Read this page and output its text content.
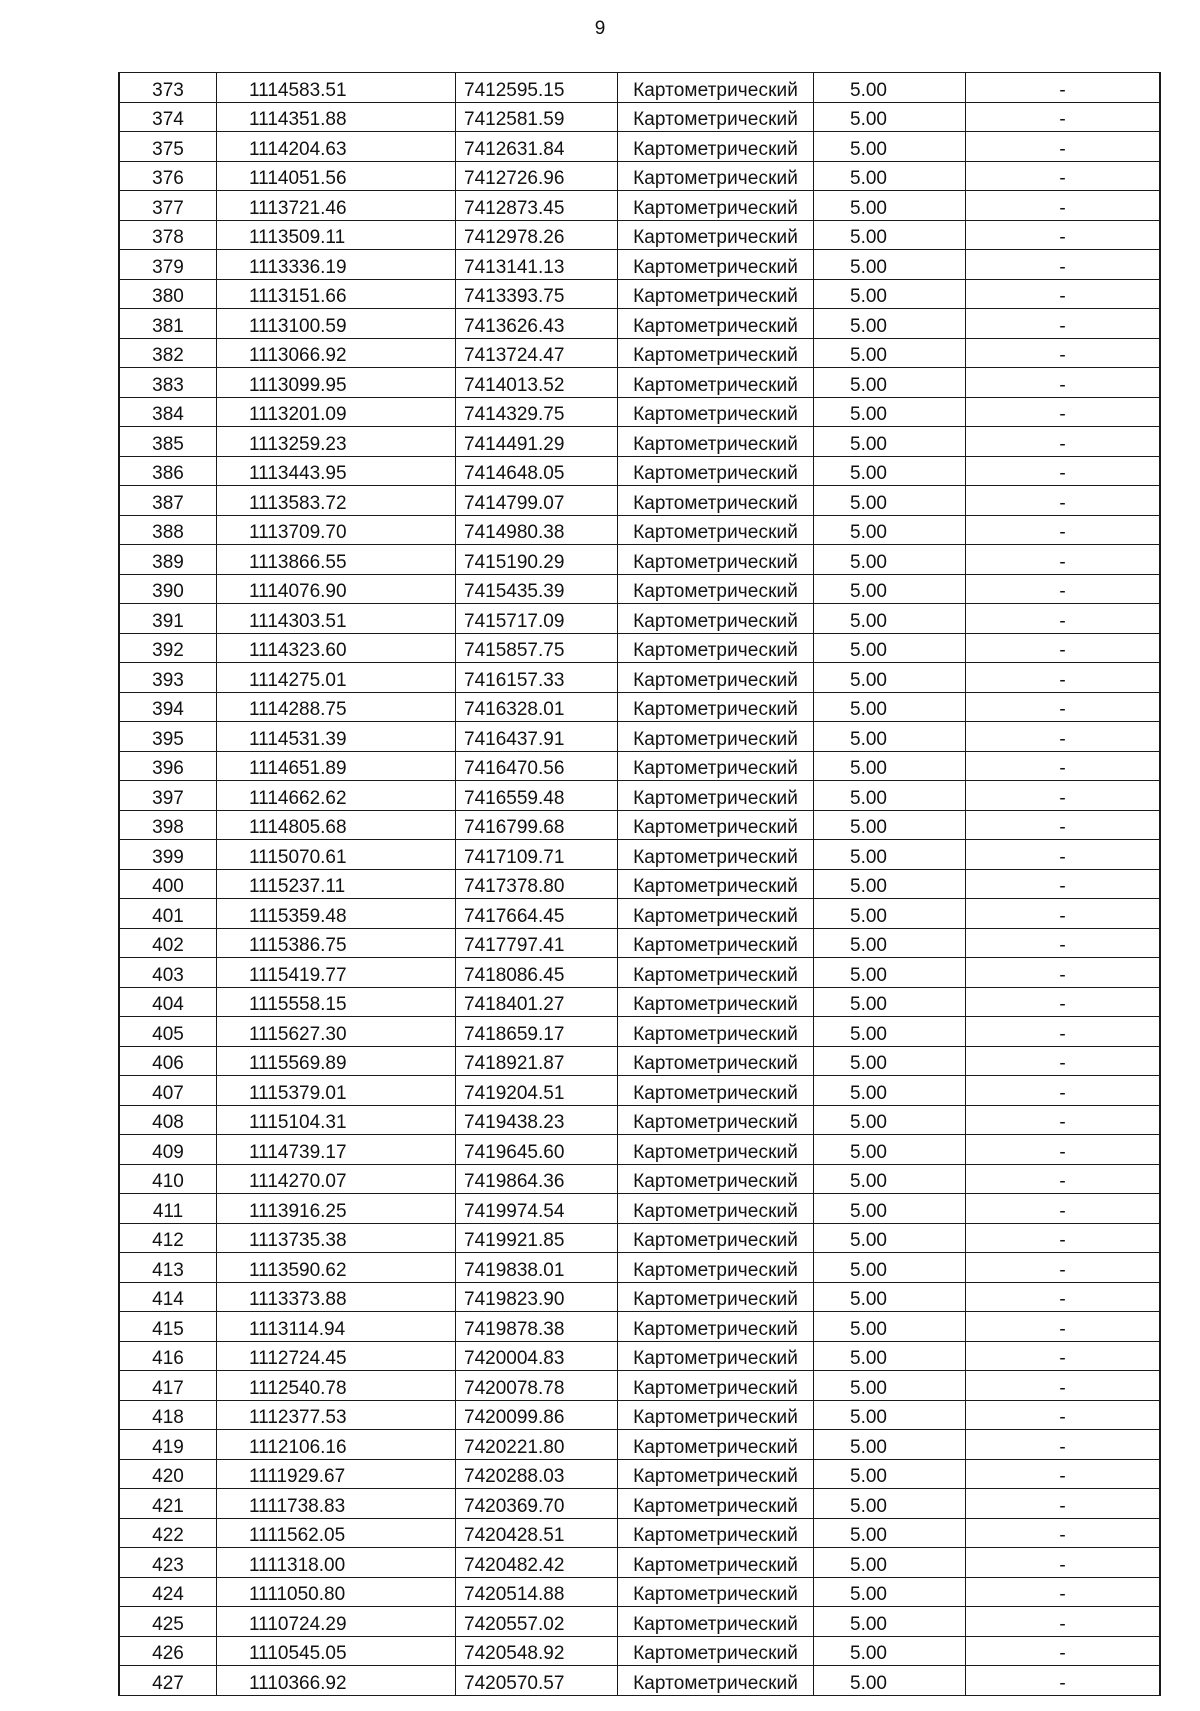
9
373	1114583.51	7412595.15	Картометрический	5.00	-
374	1114351.88	7412581.59	Картометрический	5.00	-
375	1114204.63	7412631.84	Картометрический	5.00	-
376	1114051.56	7412726.96	Картометрический	5.00	-
377	1113721.46	7412873.45	Картометрический	5.00	-
378	1113509.11	7412978.26	Картометрический	5.00	-
379	1113336.19	7413141.13	Картометрический	5.00	-
380	1113151.66	7413393.75	Картометрический	5.00	-
381	1113100.59	7413626.43	Картометрический	5.00	-
382	1113066.92	7413724.47	Картометрический	5.00	-
383	1113099.95	7414013.52	Картометрический	5.00	-
384	1113201.09	7414329.75	Картометрический	5.00	-
385	1113259.23	7414491.29	Картометрический	5.00	-
386	1113443.95	7414648.05	Картометрический	5.00	-
387	1113583.72	7414799.07	Картометрический	5.00	-
388	1113709.70	7414980.38	Картометрический	5.00	-
389	1113866.55	7415190.29	Картометрический	5.00	-
390	1114076.90	7415435.39	Картометрический	5.00	-
391	1114303.51	7415717.09	Картометрический	5.00	-
392	1114323.60	7415857.75	Картометрический	5.00	-
393	1114275.01	7416157.33	Картометрический	5.00	-
394	1114288.75	7416328.01	Картометрический	5.00	-
395	1114531.39	7416437.91	Картометрический	5.00	-
396	1114651.89	7416470.56	Картометрический	5.00	-
397	1114662.62	7416559.48	Картометрический	5.00	-
398	1114805.68	7416799.68	Картометрический	5.00	-
399	1115070.61	7417109.71	Картометрический	5.00	-
400	1115237.11	7417378.80	Картометрический	5.00	-
401	1115359.48	7417664.45	Картометрический	5.00	-
402	1115386.75	7417797.41	Картометрический	5.00	-
403	1115419.77	7418086.45	Картометрический	5.00	-
404	1115558.15	7418401.27	Картометрический	5.00	-
405	1115627.30	7418659.17	Картометрический	5.00	-
406	1115569.89	7418921.87	Картометрический	5.00	-
407	1115379.01	7419204.51	Картометрический	5.00	-
408	1115104.31	7419438.23	Картометрический	5.00	-
409	1114739.17	7419645.60	Картометрический	5.00	-
410	1114270.07	7419864.36	Картометрический	5.00	-
411	1113916.25	7419974.54	Картометрический	5.00	-
412	1113735.38	7419921.85	Картометрический	5.00	-
413	1113590.62	7419838.01	Картометрический	5.00	-
414	1113373.88	7419823.90	Картометрический	5.00	-
415	1113114.94	7419878.38	Картометрический	5.00	-
416	1112724.45	7420004.83	Картометрический	5.00	-
417	1112540.78	7420078.78	Картометрический	5.00	-
418	1112377.53	7420099.86	Картометрический	5.00	-
419	1112106.16	7420221.80	Картометрический	5.00	-
420	1111929.67	7420288.03	Картометрический	5.00	-
421	1111738.83	7420369.70	Картометрический	5.00	-
422	1111562.05	7420428.51	Картометрический	5.00	-
423	1111318.00	7420482.42	Картометрический	5.00	-
424	1111050.80	7420514.88	Картометрический	5.00	-
425	1110724.29	7420557.02	Картометрический	5.00	-
426	1110545.05	7420548.92	Картометрический	5.00	-
427	1110366.92	7420570.57	Картометрический	5.00	-
